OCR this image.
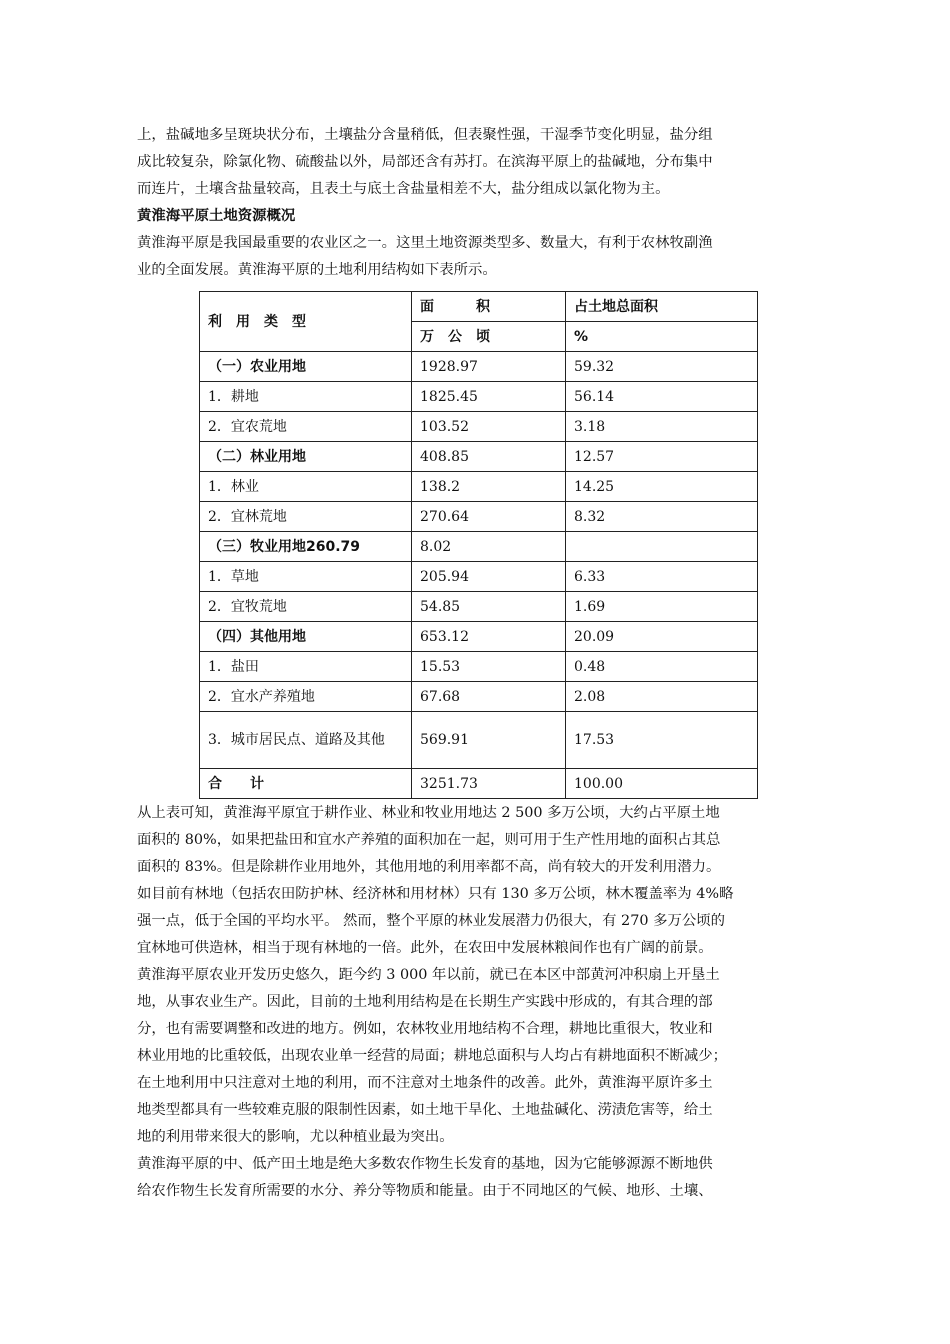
上，盐碱地多呈斑块状分布，土壤盐分含量稍低，但表聚性强，干湿季节变化明显，盐分组

成比较复杂，除氯化物、硫酸盐以外，局部还含有苏打。在滨海平原上的盐碱地，分布集中

而连片，土壤含盐量较高，且表土与底土含盐量相差不大，盐分组成以氯化物为主。

黄淮海平原土地资源概况

黄淮海平原是我国最重要的农业区之一。这里土地资源类型多、数量大，有利于农林牧副渔

业的全面发展。黄淮海平原的土地利用结构如下表所示。

利　用　类　型	面　　　积	占土地总面积
	万　公　顷	%
（一）农业用地	1928.97	59.32
1．耕地	1825.45	56.14
2．宜农荒地	103.52	3.18
（二）林业用地	408.85	12.57
1．林业	138.2	14.25
2．宜林荒地	270.64	8.32
（三）牧业用地260.79	8.02	
1．草地	205.94	6.33
2．宜牧荒地	54.85	1.69
（四）其他用地	653.12	20.09
1．盐田	15.53	0.48
2．宜水产养殖地	67.68	2.08
3．城市居民点、道路及其他	569.91	17.53
合　　计	3251.73	100.00

从上表可知，黄淮海平原宜于耕作业、林业和牧业用地达 2 500 多万公顷，大约占平原土地

面积的 80%，如果把盐田和宜水产养殖的面积加在一起，则可用于生产性用地的面积占其总

面积的 83%。但是除耕作业用地外，其他用地的利用率都不高，尚有较大的开发利用潜力。

如目前有林地（包括农田防护林、经济林和用材林）只有 130 多万公顷，林木覆盖率为 4%略

强一点，低于全国的平均水平。 然而，整个平原的林业发展潜力仍很大，有 270 多万公顷的

宜林地可供造林，相当于现有林地的一倍。此外，在农田中发展林粮间作也有广阔的前景。

黄淮海平原农业开发历史悠久，距今约 3 000 年以前，就已在本区中部黄河冲积扇上开垦土

地，从事农业生产。因此，目前的土地利用结构是在长期生产实践中形成的，有其合理的部

分，也有需要调整和改进的地方。例如，农林牧业用地结构不合理，耕地比重很大，牧业和

林业用地的比重较低，出现农业单一经营的局面；耕地总面积与人均占有耕地面积不断减少；

在土地利用中只注意对土地的利用，而不注意对土地条件的改善。此外，黄淮海平原许多土

地类型都具有一些较难克服的限制性因素，如土地干旱化、土地盐碱化、涝渍危害等，给土

地的利用带来很大的影响，尤以种植业最为突出。

黄淮海平原的中、低产田土地是绝大多数农作物生长发育的基地，因为它能够源源不断地供

给农作物生长发育所需要的水分、养分等物质和能量。由于不同地区的气候、地形、土壤、
